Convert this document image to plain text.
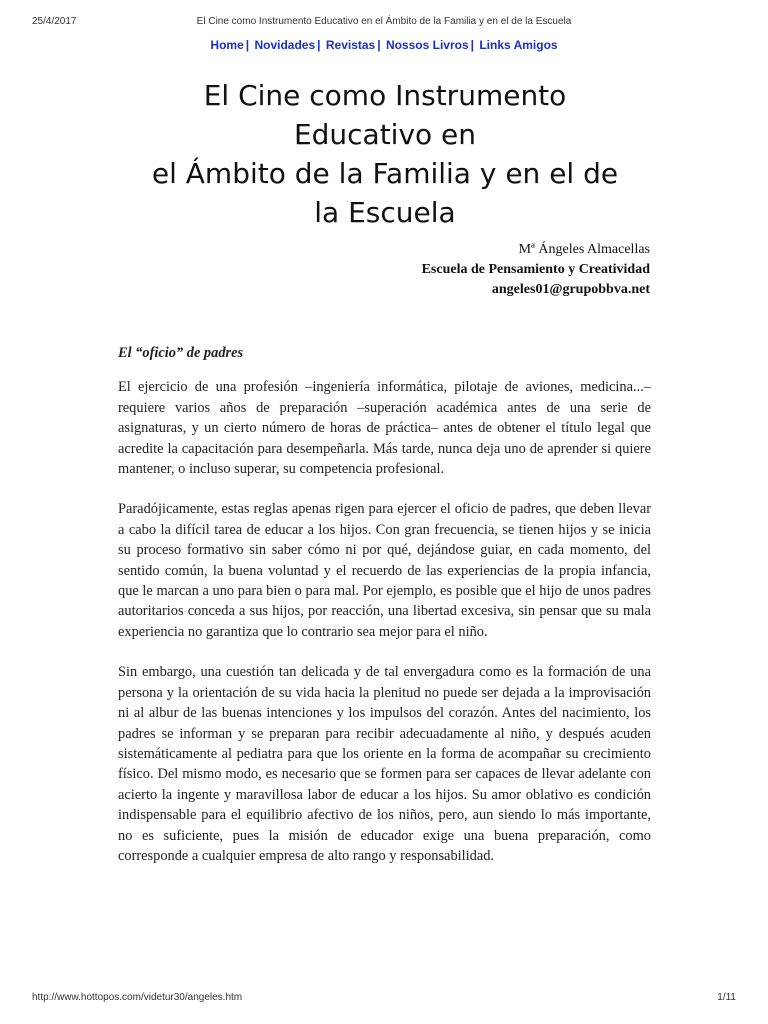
25/4/2017	El Cine como Instrumento Educativo en el Ámbito de la Familia y en el de la Escuela
Home | Novidades | Revistas | Nossos Livros | Links Amigos
El Cine como Instrumento
Educativo en
el Ámbito de la Familia y en el de
la Escuela
Mª Ángeles Almacellas
Escuela de Pensamiento y Creatividad
angeles01@grupobbva.net
El “oficio” de padres

El ejercicio de una profesión –ingeniería informática, pilotaje de aviones, medicina...– requiere varios años de preparación –superación académica antes de una serie de asignaturas, y un cierto número de horas de práctica– antes de obtener el título legal que acredite la capacitación para desempeñarla. Más tarde, nunca deja uno de aprender si quiere mantener, o incluso superar, su competencia profesional.

Paradójicamente, estas reglas apenas rigen para ejercer el oficio de padres, que deben llevar a cabo la difícil tarea de educar a los hijos. Con gran frecuencia, se tienen hijos y se inicia su proceso formativo sin saber cómo ni por qué, dejándose guiar, en cada momento, del sentido común, la buena voluntad y el recuerdo de las experiencias de la propia infancia, que le marcan a uno para bien o para mal. Por ejemplo, es posible que el hijo de unos padres autoritarios conceda a sus hijos, por reacción, una libertad excesiva, sin pensar que su mala experiencia no garantiza que lo contrario sea mejor para el niño.

Sin embargo, una cuestión tan delicada y de tal envergadura como es la formación de una persona y la orientación de su vida hacia la plenitud no puede ser dejada a la improvisación ni al albur de las buenas intenciones y los impulsos del corazón. Antes del nacimiento, los padres se informan y se preparan para recibir adecuadamente al niño, y después acuden sistemáticamente al pediatra para que los oriente en la forma de acompañar su crecimiento físico. Del mismo modo, es necesario que se formen para ser capaces de llevar adelante con acierto la ingente y maravillosa labor de educar a los hijos. Su amor oblativo es condición indispensable para el equilibrio afectivo de los niños, pero, aun siendo lo más importante, no es suficiente, pues la misión de educador exige una buena preparación, como corresponde a cualquier empresa de alto rango y responsabilidad.

http://www.hottopos.com/videtur30/angeles.htm	1/11
